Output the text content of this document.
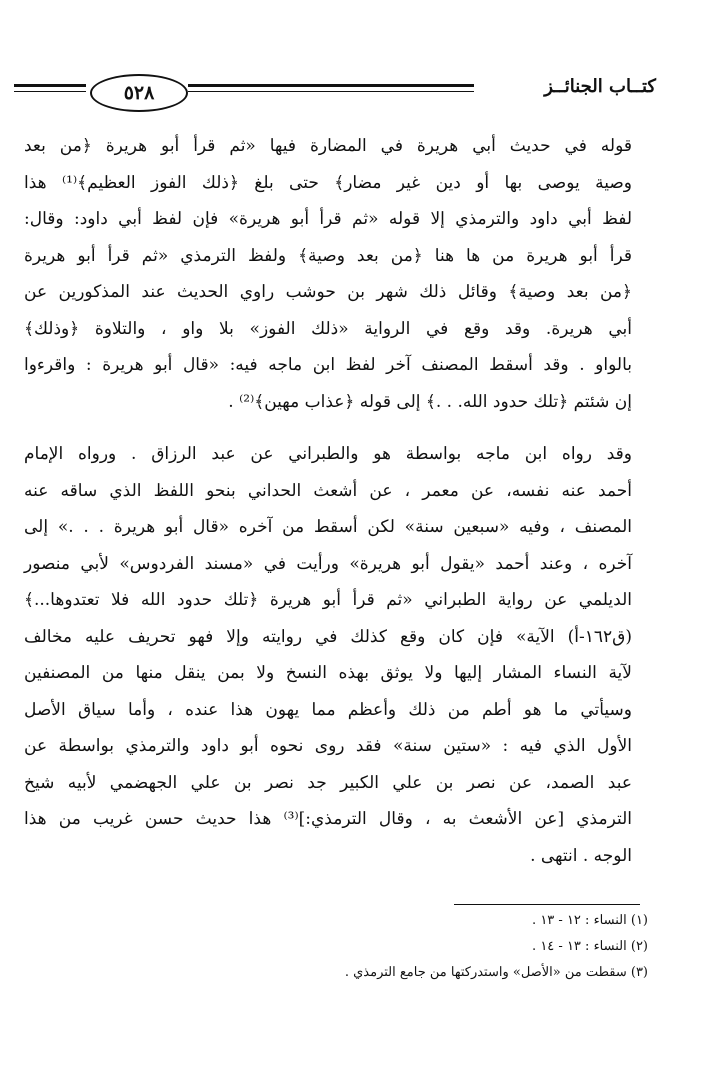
٥٢٨	كتــاب الجنائــز
قوله في حديث أبي هريرة في المضارة فيها «ثم قرأ أبو هريرة ﴿من بعد
وصية يوصى بها أو دين غير مضار﴾ حتى بلغ ﴿ذلك الفوز العظيم﴾⁽¹⁾ هذا
لفظ أبي داود والترمذي إلا قوله «ثم قرأ أبو هريرة» فإن لفظ أبي داود: وقال:
قرأ أبو هريرة من ها هنا ﴿من بعد وصية﴾ ولفظ الترمذي «ثم قرأ أبو هريرة
﴿من بعد وصية﴾ وقائل ذلك شهر بن حوشب راوي الحديث عند المذكورين عن
أبي هريرة. وقد وقع في الرواية «ذلك الفوز» بلا واو ، والتلاوة ﴿وذلك﴾
بالواو . وقد أسقط المصنف آخر لفظ ابن ماجه فيه: «قال أبو هريرة : واقرءوا
إن شئتم ﴿تلك حدود الله. . .﴾ إلى قوله ﴿عذاب مهين﴾⁽²⁾ .
وقد رواه ابن ماجه بواسطة هو والطبراني عن عبد الرزاق . ورواه الإمام
أحمد عنه نفسه، عن معمر ، عن أشعث الحداني بنحو اللفظ الذي ساقه عنه
المصنف ، وفيه «سبعين سنة» لكن أسقط من آخره «قال أبو هريرة . . .» إلى
آخره ، وعند أحمد «يقول أبو هريرة» ورأيت في «مسند الفردوس» لأبي منصور
الديلمي عن رواية الطبراني «ثم قرأ أبو هريرة ﴿تلك حدود الله فلا تعتدوها...﴾
(ق١٦٢-أ) الآية» فإن كان وقع كذلك في روايته وإلا فهو تحريف عليه مخالف
لآية النساء المشار إليها ولا يوثق بهذه النسخ ولا بمن ينقل منها من المصنفين
وسيأتي ما هو أطم من ذلك وأعظم مما يهون هذا عنده ، وأما سياق الأصل
الأول الذي فيه : «ستين سنة» فقد روى نحوه أبو داود والترمذي بواسطة عن
عبد الصمد، عن نصر بن علي الكبير جد نصر بن علي الجهضمي لأبيه شيخ
الترمذي [عن الأشعث به ، وقال الترمذي:]⁽³⁾ هذا حديث حسن غريب من هذا
الوجه . انتهى .
(١) النساء : ١٢ - ١٣ .
(٢) النساء : ١٣ - ١٤ .
(٣) سقطت من «الأصل» واستدركتها من جامع الترمذي .
